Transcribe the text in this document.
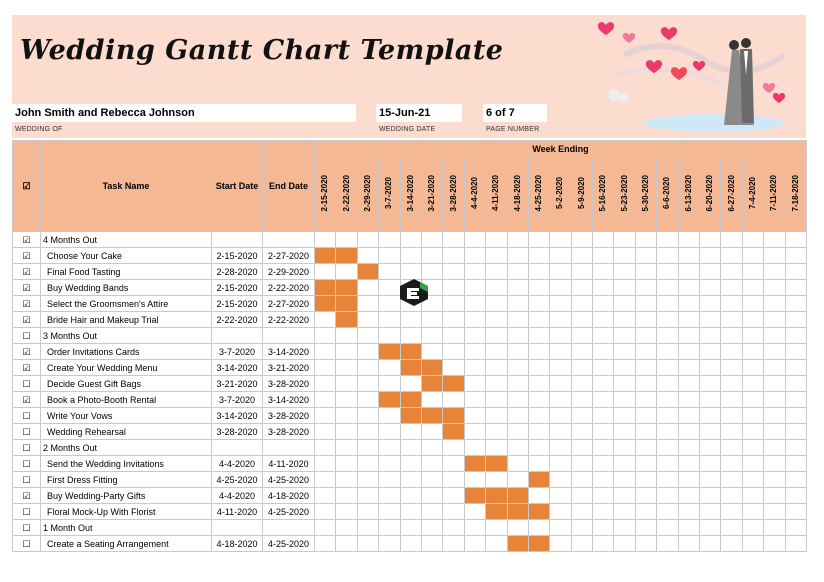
Wedding Gantt Chart Template
John Smith and Rebecca Johnson
WEDDING OF
15-Jun-21
WEDDING DATE
6 of 7
PAGE NUMBER
☑	Task Name	Start Date	End Date	Week Ending																						
				2-15-2020	2-22-2020	2-29-2020	3-7-2020	3-14-2020	3-21-2020	3-28-2020	4-4-2020	4-11-2020	4-18-2020	4-25-2020	5-2-2020	5-9-2020	5-16-2020	5-23-2020	5-30-2020	6-6-2020	6-13-2020	6-20-2020	6-27-2020	7-4-2020	7-11-2020	7-18-2020
☑	4 Months Out																									
☑	Choose Your Cake	2-15-2020	2-27-2020																							
☑	Final Food Tasting	2-28-2020	2-29-2020																							
☑	Buy Wedding Bands	2-15-2020	2-22-2020																							
☑	Select the Groomsmen's Attire	2-15-2020	2-27-2020																							
☑	Bride Hair and Makeup Trial	2-22-2020	2-22-2020																							
☐	3 Months Out																									
☑	Order Invitations Cards	3-7-2020	3-14-2020																							
☑	Create Your Wedding Menu	3-14-2020	3-21-2020																							
☐	Decide Guest Gift Bags	3-21-2020	3-28-2020																							
☑	Book a Photo-Booth Rental	3-7-2020	3-14-2020																							
☐	Write Your Vows	3-14-2020	3-28-2020																							
☐	Wedding Rehearsal	3-28-2020	3-28-2020																							
☐	2 Months Out																									
☐	Send the Wedding Invitations	4-4-2020	4-11-2020																							
☐	First Dress Fitting	4-25-2020	4-25-2020																							
☑	Buy Wedding-Party Gifts	4-4-2020	4-18-2020																							
☐	Floral Mock-Up With Florist	4-11-2020	4-25-2020																							
☐	1 Month Out																									
☐	Create a Seating Arrangement	4-18-2020	4-25-2020																							
